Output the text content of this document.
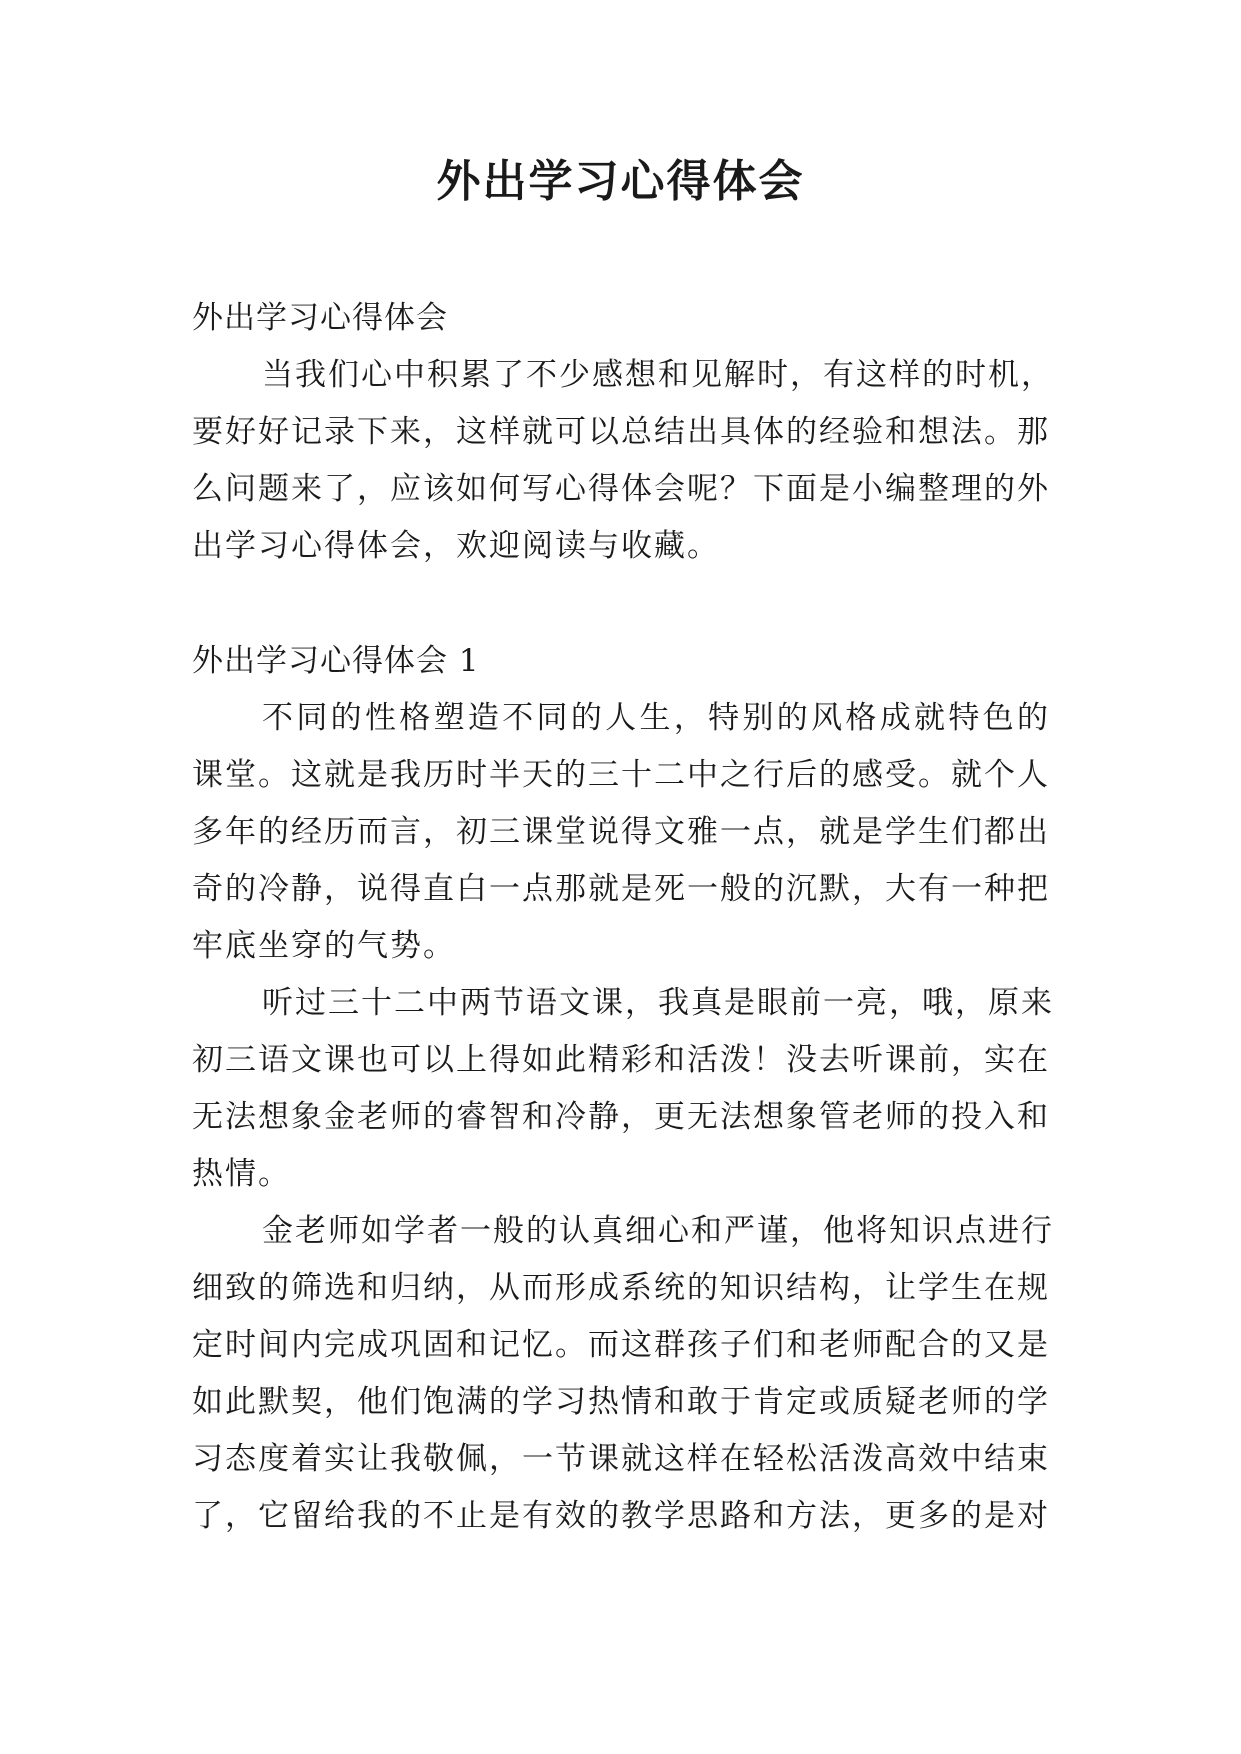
外出学习心得体会
外出学习心得体会
当我们心中积累了不少感想和见解时，有这样的时机，
要好好记录下来，这样就可以总结出具体的经验和想法。那
么问题来了，应该如何写心得体会呢？下面是小编整理的外
出学习心得体会，欢迎阅读与收藏。
外出学习心得体会 1
不同的性格塑造不同的人生，特别的风格成就特色的
课堂。这就是我历时半天的三十二中之行后的感受。就个人
多年的经历而言，初三课堂说得文雅一点，就是学生们都出
奇的冷静，说得直白一点那就是死一般的沉默，大有一种把
牢底坐穿的气势。
听过三十二中两节语文课，我真是眼前一亮，哦，原来
初三语文课也可以上得如此精彩和活泼！没去听课前，实在
无法想象金老师的睿智和冷静，更无法想象管老师的投入和
热情。
金老师如学者一般的认真细心和严谨，他将知识点进行
细致的筛选和归纳，从而形成系统的知识结构，让学生在规
定时间内完成巩固和记忆。而这群孩子们和老师配合的又是
如此默契，他们饱满的学习热情和敢于肯定或质疑老师的学
习态度着实让我敬佩，一节课就这样在轻松活泼高效中结束
了，它留给我的不止是有效的教学思路和方法，更多的是对
